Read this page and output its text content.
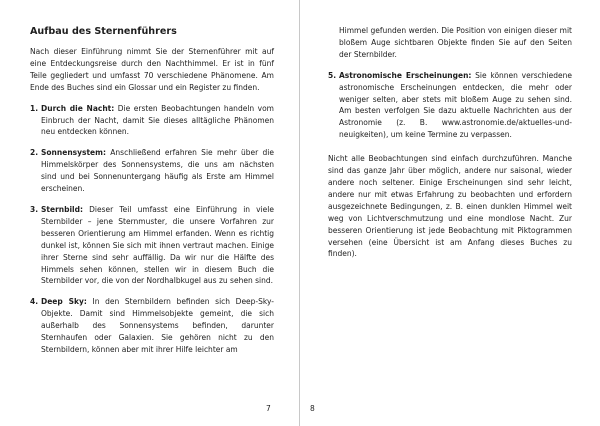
Aufbau des Sternenführers

Nach dieser Einführung nimmt Sie der Sternenführer mit auf eine Entdeckungsreise durch den Nachthimmel. Er ist in fünf Teile gegliedert und umfasst 70 verschiedene Phänomene. Am Ende des Buches sind ein Glossar und ein Register zu finden.

1. Durch die Nacht: Die ersten Beobachtungen handeln vom Einbruch der Nacht, damit Sie dieses alltägliche Phänomen neu entdecken können.
2. Sonnensystem: Anschließend erfahren Sie mehr über die Himmelskörper des Sonnensystems, die uns am nächsten sind und bei Sonnenuntergang häufig als Erste am Himmel erscheinen.
3. Sternbild: Dieser Teil umfasst eine Einführung in viele Sternbilder – jene Sternmuster, die unsere Vorfahren zur besseren Orientierung am Himmel erfanden. Wenn es richtig dunkel ist, können Sie sich mit ihnen vertraut machen. Einige ihrer Sterne sind sehr auffällig. Da wir nur die Hälfte des Himmels sehen können, stellen wir in diesem Buch die Sternbilder vor, die von der Nordhalbkugel aus zu sehen sind.
4. Deep Sky: In den Sternbildern befinden sich Deep-Sky-Objekte. Damit sind Himmelsobjekte gemeint, die sich außerhalb des Sonnensystems befinden, darunter Sternhaufen oder Galaxien. Sie gehören nicht zu den Sternbildern, können aber mit ihrer Hilfe leichter am
7

Himmel gefunden werden. Die Position von einigen dieser mit bloßem Auge sichtbaren Objekte finden Sie auf den Seiten der Sternbilder.

5. Astronomische Erscheinungen: Sie können verschiedene astronomische Erscheinungen entdecken, die mehr oder weniger selten, aber stets mit bloßem Auge zu sehen sind. Am besten verfolgen Sie dazu aktuelle Nachrichten aus der Astronomie (z. B. www.astronomie.de/aktuelles-und-neuigkeiten), um keine Termine zu verpassen.

Nicht alle Beobachtungen sind einfach durchzuführen. Manche sind das ganze Jahr über möglich, andere nur saisonal, wieder andere noch seltener. Einige Erscheinungen sind sehr leicht, andere nur mit etwas Erfahrung zu beobachten und erfordern ausgezeichnete Bedingungen, z. B. einen dunklen Himmel weit weg von Lichtverschmutzung und eine mondlose Nacht. Zur besseren Orientierung ist jede Beobachtung mit Piktogrammen versehen (eine Übersicht ist am Anfang dieses Buches zu finden).

8
